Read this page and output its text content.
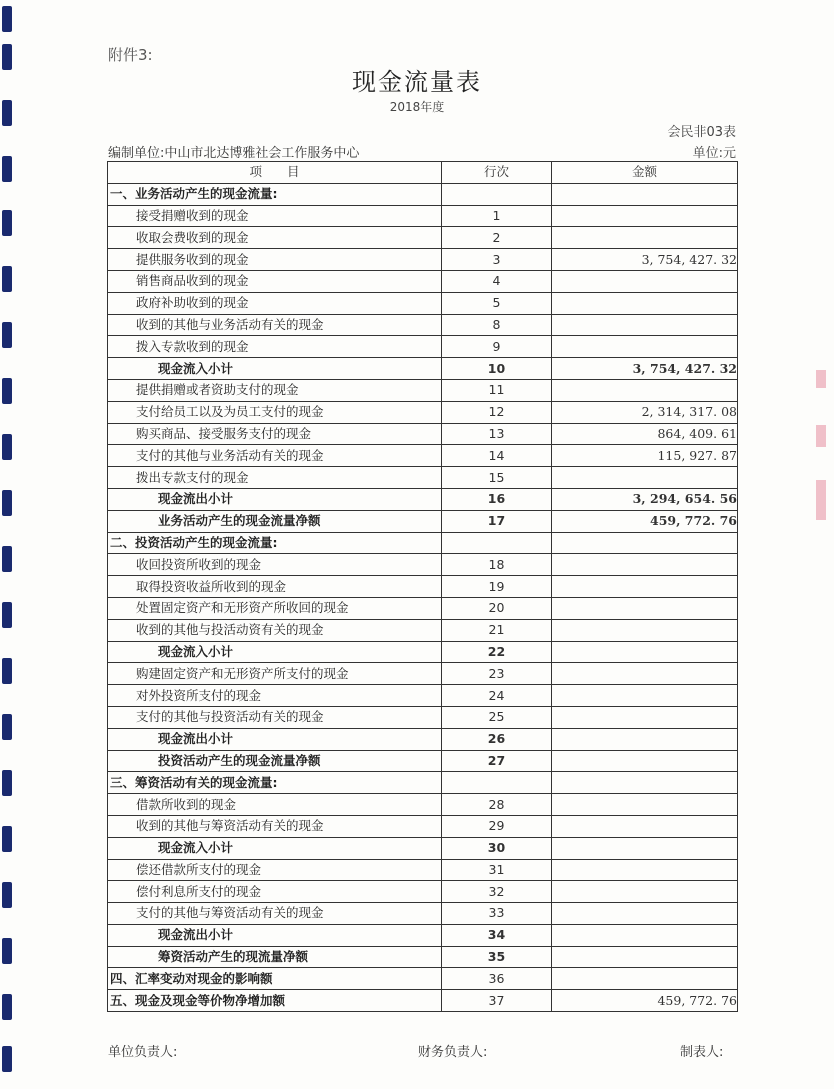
附件3:
现金流量表
2018年度
会民非03表
编制单位:中山市北达博雅社会工作服务中心	单位:元
项　　目	行次	金额
一、业务活动产生的现金流量:		
接受捐赠收到的现金	1	
收取会费收到的现金	2	
提供服务收到的现金	3	3, 754, 427. 32
销售商品收到的现金	4	
政府补助收到的现金	5	
收到的其他与业务活动有关的现金	8	
拨入专款收到的现金	9	
现金流入小计	10	3, 754, 427. 32
提供捐赠或者资助支付的现金	11	
支付给员工以及为员工支付的现金	12	2, 314, 317. 08
购买商品、接受服务支付的现金	13	864, 409. 61
支付的其他与业务活动有关的现金	14	115, 927. 87
拨出专款支付的现金	15	
现金流出小计	16	3, 294, 654. 56
业务活动产生的现金流量净额	17	459, 772. 76
二、投资活动产生的现金流量:		
收回投资所收到的现金	18	
取得投资收益所收到的现金	19	
处置固定资产和无形资产所收回的现金	20	
收到的其他与投活动资有关的现金	21	
现金流入小计	22	
购建固定资产和无形资产所支付的现金	23	
对外投资所支付的现金	24	
支付的其他与投资活动有关的现金	25	
现金流出小计	26	
投资活动产生的现金流量净额	27	
三、筹资活动有关的现金流量:		
借款所收到的现金	28	
收到的其他与筹资活动有关的现金	29	
现金流入小计	30	
偿还借款所支付的现金	31	
偿付利息所支付的现金	32	
支付的其他与筹资活动有关的现金	33	
现金流出小计	34	
筹资活动产生的现流量净额	35	
四、汇率变动对现金的影响额	36	
五、现金及现金等价物净增加额	37	459, 772. 76
单位负责人:	财务负责人:	制表人:
